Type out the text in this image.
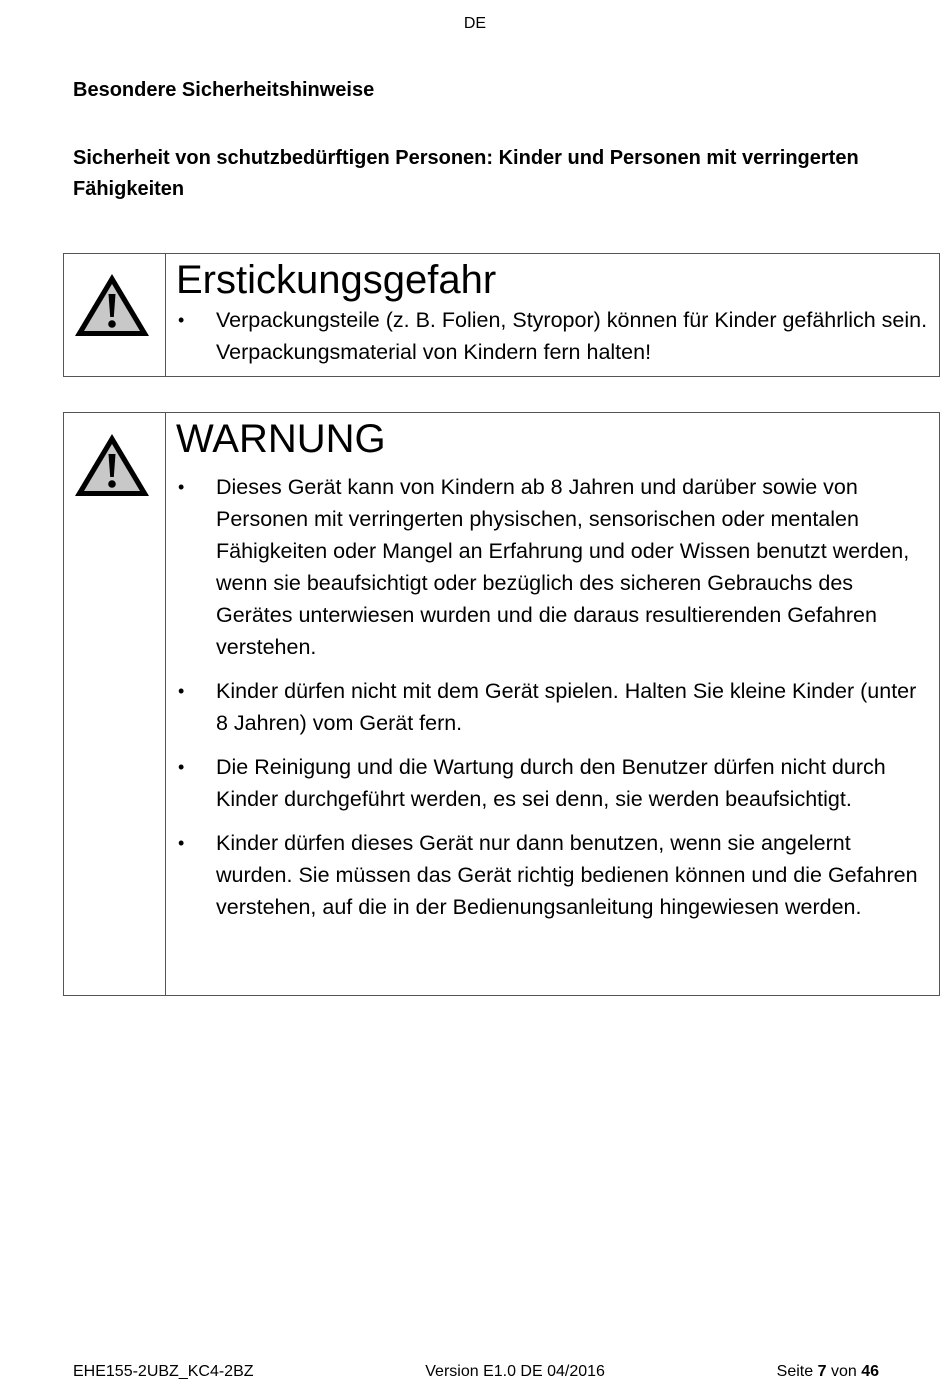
DE
Besondere Sicherheitshinweise
Sicherheit von schutzbedürftigen Personen: Kinder und Personen mit verringerten Fähigkeiten
Erstickungsgefahr
• Verpackungsteile (z. B. Folien, Styropor) können für Kinder gefährlich sein. Verpackungsmaterial von Kindern fern halten!
WARNUNG
• Dieses Gerät kann von Kindern ab 8 Jahren und darüber sowie von Personen mit verringerten physischen, sensorischen oder mentalen Fähigkeiten oder Mangel an Erfahrung und oder Wissen benutzt werden, wenn sie beaufsichtigt oder bezüglich des sicheren Gebrauchs des Gerätes unterwiesen wurden und die daraus resultierenden Gefahren verstehen.
• Kinder dürfen nicht mit dem Gerät spielen. Halten Sie kleine Kinder (unter 8 Jahren) vom Gerät fern.
• Die Reinigung und die Wartung durch den Benutzer dürfen nicht durch Kinder durchgeführt werden, es sei denn, sie werden beaufsichtigt.
• Kinder dürfen dieses Gerät nur dann benutzen, wenn sie angelernt wurden. Sie müssen das Gerät richtig bedienen können und die Gefahren verstehen, auf die in der Bedienungsanleitung hingewiesen werden.
EHE155-2UBZ_KC4-2BZ	Version E1.0 DE 04/2016	Seite 7 von 46
